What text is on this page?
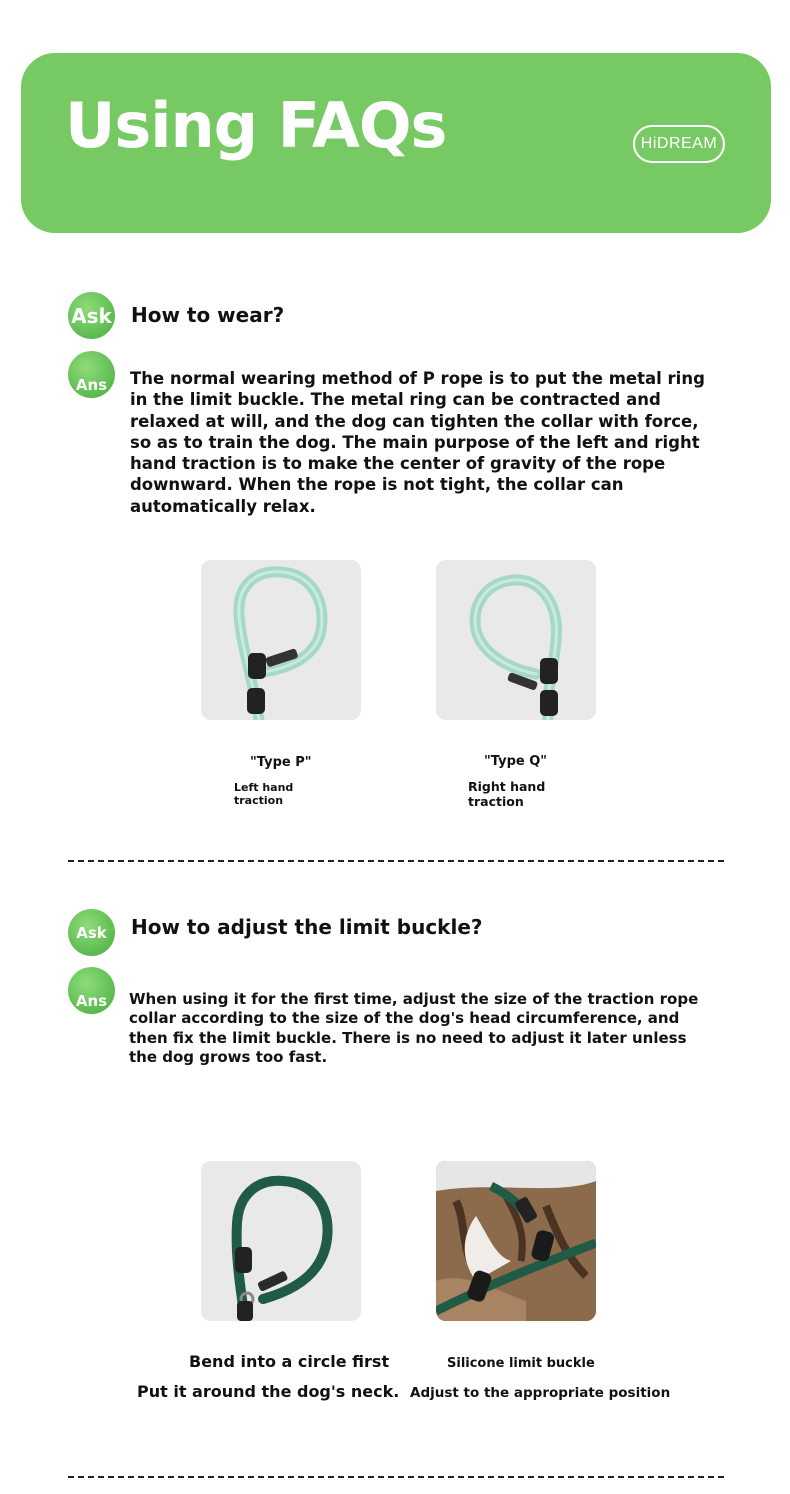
Using FAQs	HiDREAM
Ask How to wear?
Ans	The normal wearing method of P rope is to put the metal ring in the limit buckle. The metal ring can be contracted and relaxed at will, and the dog can tighten the collar with force, so as to train the dog. The main purpose of the left and right hand traction is to make the center of gravity of the rope downward. When the rope is not tight, the collar can automatically relax.

"Type P"

Left hand
traction

"Type Q"

Right hand
traction

Ask	How to adjust the limit buckle?
Ans	When using it for the first time, adjust the size of the traction rope collar according to the size of the dog's head circumference, and then fix the limit buckle. There is no need to adjust it later unless the dog grows too fast.

Bend into a circle first

Put it around the dog's neck.

Silicone limit buckle

Adjust to the appropriate position
